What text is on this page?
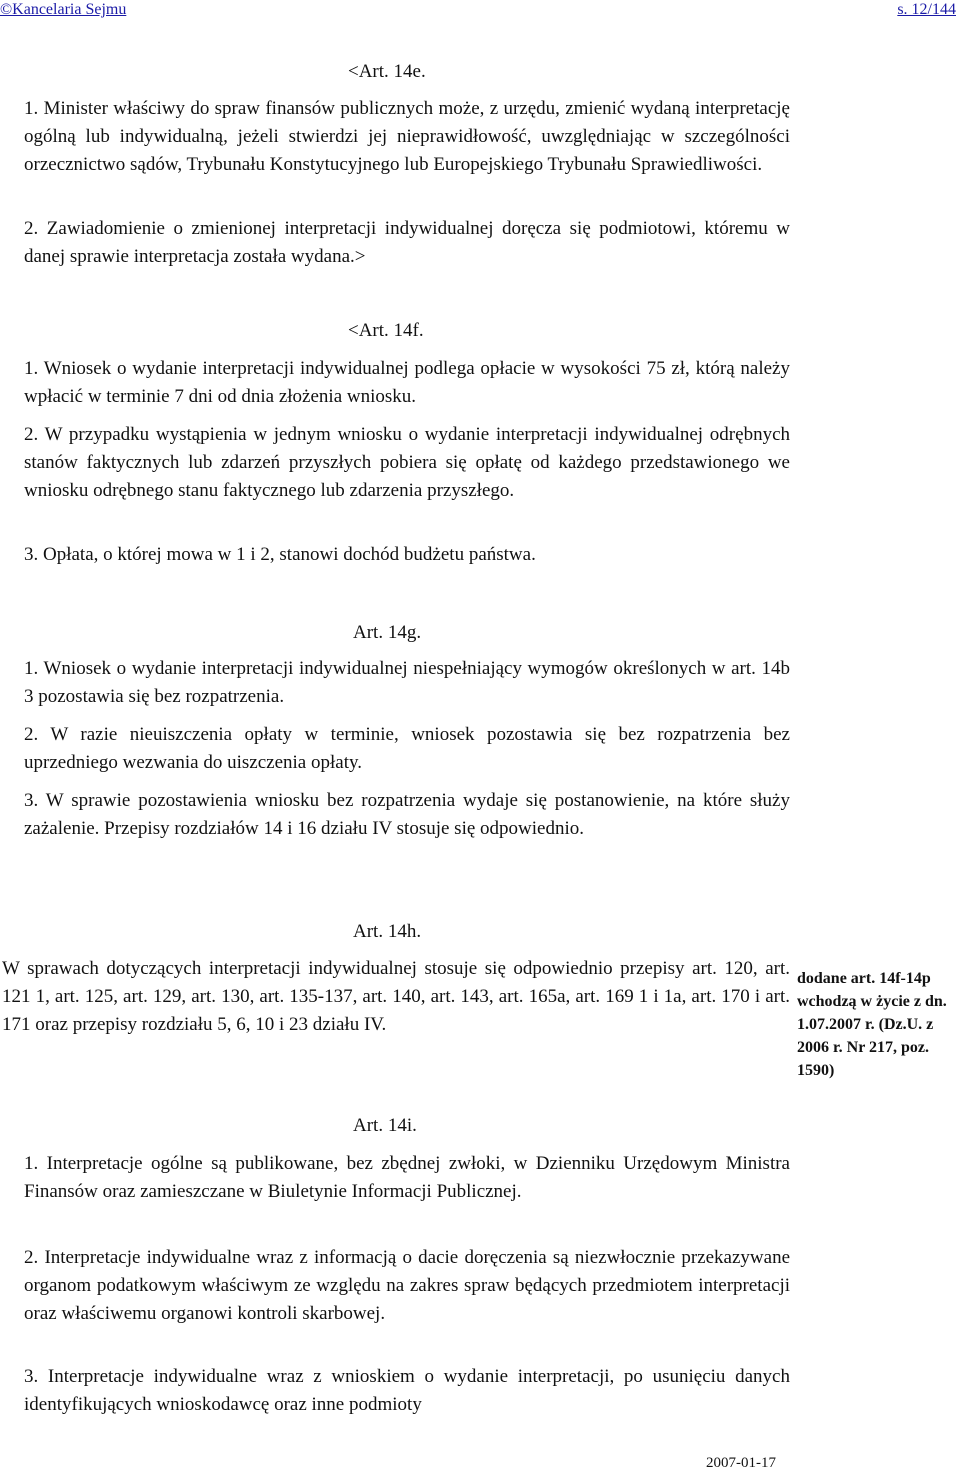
©Kancelaria Sejmu	s. 12/144
<Art. 14e.
1. Minister właściwy do spraw finansów publicznych może, z urzędu, zmienić wydaną interpretację ogólną lub indywidualną, jeżeli stwierdzi jej nieprawidłowość, uwzględniając w szczególności orzecznictwo sądów, Trybunału Konstytucyjnego lub Europejskiego Trybunału Sprawiedliwości.
2. Zawiadomienie o zmienionej interpretacji indywidualnej doręcza się podmiotowi, któremu w danej sprawie interpretacja została wydana.>
<Art. 14f.
1. Wniosek o wydanie interpretacji indywidualnej podlega opłacie w wysokości 75 zł, którą należy wpłacić w terminie 7 dni od dnia złożenia wniosku.
2. W przypadku wystąpienia w jednym wniosku o wydanie interpretacji indywidualnej odrębnych stanów faktycznych lub zdarzeń przyszłych pobiera się opłatę od każdego przedstawionego we wniosku odrębnego stanu faktycznego lub zdarzenia przyszłego.
3. Opłata, o której mowa w 1 i 2, stanowi dochód budżetu państwa.
Art. 14g.
1. Wniosek o wydanie interpretacji indywidualnej niespełniający wymogów określonych w art. 14b 3 pozostawia się bez rozpatrzenia.
2. W razie nieuiszczenia opłaty w terminie, wniosek pozostawia się bez rozpatrzenia bez uprzedniego wezwania do uiszczenia opłaty.
3. W sprawie pozostawienia wniosku bez rozpatrzenia wydaje się postanowienie, na które służy zażalenie. Przepisy rozdziałów 14 i 16 działu IV stosuje się odpowiednio.
Art. 14h.
W sprawach dotyczących interpretacji indywidualnej stosuje się odpowiednio przepisy art. 120, art. 121 1, art. 125, art. 129, art. 130, art. 135-137, art. 140, art. 143, art. 165a, art. 169 1 i 1a, art. 170 i art. 171 oraz przepisy rozdziału 5, 6, 10 i 23 działu IV.
dodane art. 14f-14p wchodzą w życie z dn. 1.07.2007 r. (Dz.U. z 2006 r. Nr 217, poz. 1590)
Art. 14i.
1. Interpretacje ogólne są publikowane, bez zbędnej zwłoki, w Dzienniku Urzędowym Ministra Finansów oraz zamieszczane w Biuletynie Informacji Publicznej.
2. Interpretacje indywidualne wraz z informacją o dacie doręczenia są niezwłocznie przekazywane organom podatkowym właściwym ze względu na zakres spraw będących przedmiotem interpretacji oraz właściwemu organowi kontroli skarbowej.
3. Interpretacje indywidualne wraz z wnioskiem o wydanie interpretacji, po usunięciu danych identyfikujących wnioskodawcę oraz inne podmioty
2007-01-17
